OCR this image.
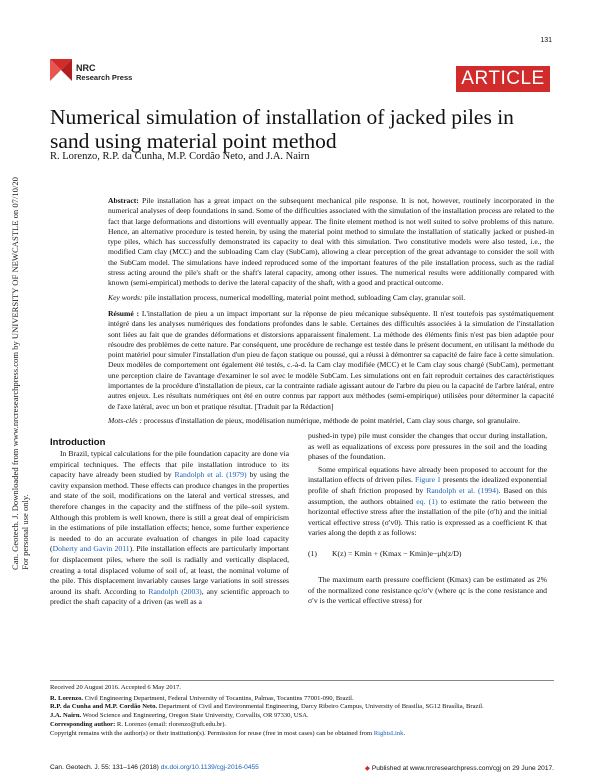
Can. Geotech. J. Downloaded from www.nrcresearchpress.com by UNIVERSITY OF NEWCASTLE on 07/10/20 For personal use only.
131
NRC
Research Press	ARTICLE
Numerical simulation of installation of jacked piles in sand using material point method
R. Lorenzo, R.P. da Cunha, M.P. Cordão Neto, and J.A. Nairn

Abstract: Pile installation has a great impact on the subsequent mechanical pile response. It is not, however, routinely incorporated in the numerical analyses of deep foundations in sand. Some of the difficulties associated with the simulation of the installation process are related to the fact that large deformations and distortions will eventually appear. The finite element method is not well suited to solve problems of this nature. Hence, an alternative procedure is tested herein, by using the material point method to simulate the installation of statically jacked or pushed-in type piles, which has successfully demonstrated its capacity to deal with this simulation. Two constitutive models were also tested, i.e., the modified Cam clay (MCC) and the subloading Cam clay (SubCam), allowing a clear perception of the great advantage to consider the soil with the SubCam model. The simulations have indeed reproduced some of the important features of the pile installation process, such as the radial stress acting around the pile's shaft or the shaft's lateral capacity, among other issues. The numerical results were additionally compared with known (semi-empirical) methods to derive the lateral capacity of the shaft, with a good and practical outcome.

Key words: pile installation process, numerical modelling, material point method, subloading Cam clay, granular soil.

Résumé : L'installation de pieu a un impact important sur la réponse de pieu mécanique subséquente. Il n'est toutefois pas systématiquement intégré dans les analyses numériques des fondations profondes dans le sable. Certaines des difficultés associées à la simulation de l'installation sont liées au fait que de grandes déformations et distorsions apparaissent finalement. La méthode des éléments finis n'est pas bien adaptée pour résoudre des problèmes de cette nature. Par conséquent, une procédure de rechange est testée dans le présent document, en utilisant la méthode du point matériel pour simuler l'installation d'un pieu de façon statique ou poussé, qui a réussi à démontrer sa capacité de faire face à cette simulation. Deux modèles de comportement ont également été testés, c.-à-d. la Cam clay modifiée (MCC) et le Cam clay sous chargé (SubCam), permettant une perception claire de l'avantage d'examiner le sol avec le modèle SubCam. Les simulations ont en fait reproduit certaines des caractéristiques importantes de la procédure d'installation de pieux, car la contrainte radiale agissant autour de l'arbre du pieu ou la capacité de l'arbre latéral, entre autres enjeux. Les résultats numériques ont été en outre connus par rapport aux méthodes (semi-empirique) utilisées pour déterminer la capacité de l'axe latéral, avec un bon et pratique résultat. [Traduit par la Rédaction]

Mots-clés : processus d'installation de pieux, modélisation numérique, méthode de point matériel, Cam clay sous charge, sol granulaire.

Introduction

In Brazil, typical calculations for the pile foundation capacity are done via empirical techniques. The effects that pile installation introduce to its capacity have already been studied by Randolph et al. (1979) by using the cavity expansion method. These effects can produce changes in the properties and state of the soil, modifications on the lateral and vertical stresses, and therefore changes in the capacity and the stiffness of the pile–soil system. Although this problem is well known, there is still a great deal of empiricism in the estimations of pile installation effects; hence, some further experience is needed to do an accurate evaluation of changes in pile load capacity (Doherty and Gavin 2011). Pile installation effects are particularly important for displacement piles, where the soil is radially and vertically displaced, creating a total displaced volume of soil of, at least, the nominal volume of the pile. This displacement invariably causes large variations in soil stresses around its shaft. According to Randolph (2003), any scientific approach to predict the shaft capacity of a driven (as well as a

pushed-in type) pile must consider the changes that occur during installation, as well as equalizations of excess pore pressures in the soil and the loading phases of the foundation.

Some empirical equations have already been proposed to account for the installation effects of driven piles. Figure 1 presents the idealized exponential profile of shaft friction proposed by Randolph et al. (1994). Based on this assumption, the authors obtained eq. (1) to estimate the ratio between the horizontal effective stress after the installation of the pile (σ′h) and the initial vertical effective stress (σ′v0). This ratio is expressed as a coefficient K that varies along the depth z as follows:

(1) K(z) = Kmin + (Kmax − Kmin)e−μh(z/D)

The maximum earth pressure coefficient (Kmax) can be estimated as 2% of the normalized cone resistance qc/σ′v (where qc is the cone resistance and σ′v is the vertical effective stress) for

Received 20 August 2016. Accepted 6 May 2017.

R. Lorenzo. Civil Engineering Department, Federal University of Tocantins, Palmas, Tocantins 77001-090, Brazil.

R.P. da Cunha and M.P. Cordão Neto. Department of Civil and Environmental Engineering, Darcy Ribeiro Campus, University of Brasilia, SG12 Brasília, Brazil.

J.A. Nairn. Wood Science and Engineering, Oregon State University, Corvallis, OR 97330, USA.

Corresponding author: R. Lorenzo (email: rlorenzo@uft.edu.br).

Copyright remains with the author(s) or their institution(s). Permission for reuse (free in most cases) can be obtained from RightsLink.

Can. Geotech. J. 55: 131–146 (2018) dx.doi.org/10.1139/cgj-2016-0455	◆ Published at www.nrcresearchpress.com/cgj on 29 June 2017.
